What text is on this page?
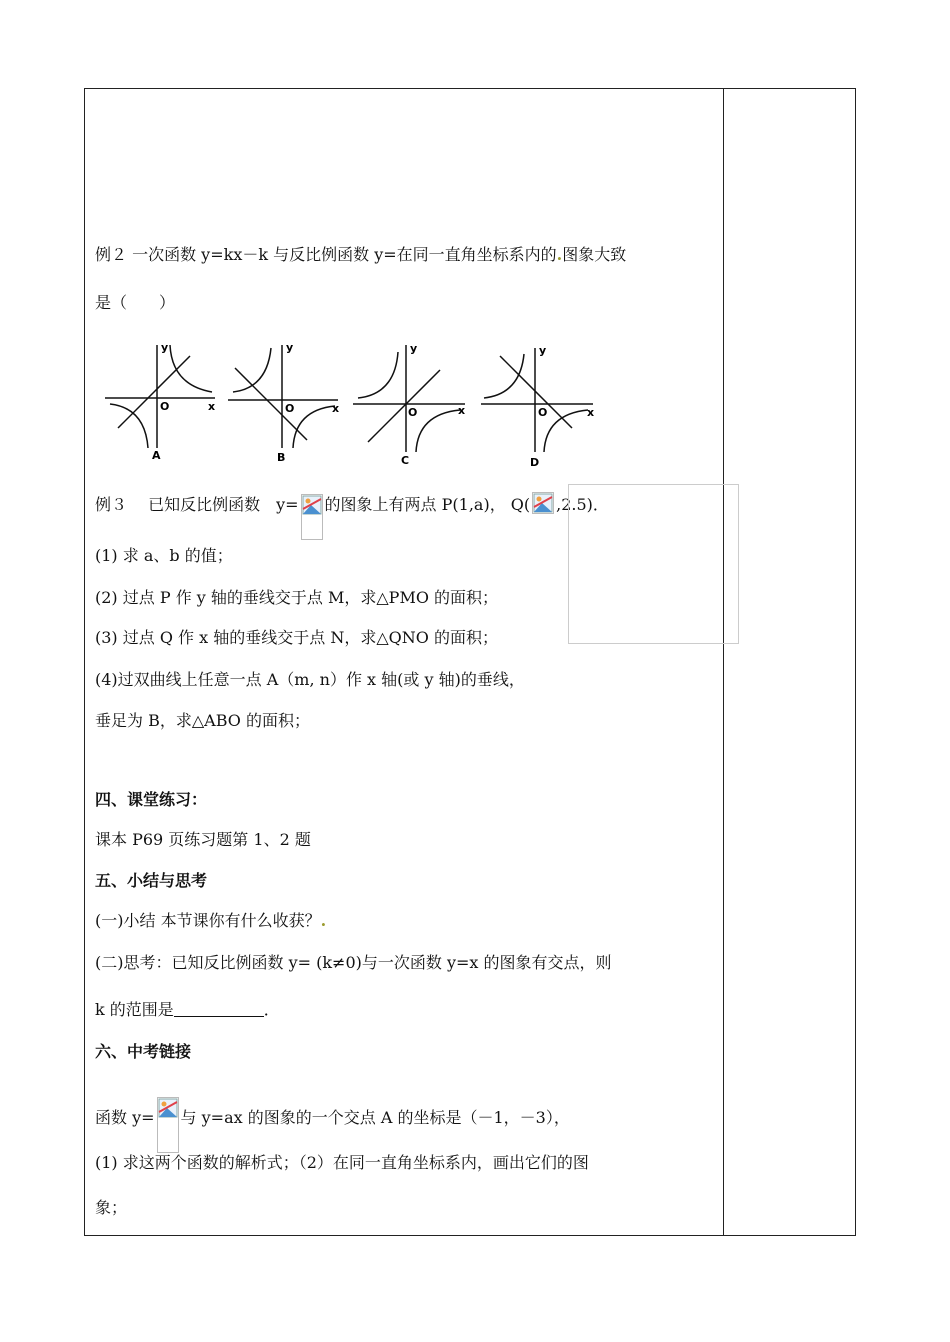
例２ 一次函数 y=kx－k 与反比例函数 y=在同一直角坐标系内的.图象大致
是（　　）
O	x
y
A
O	x
y
B
O	x
y
C
O	x
y
D
例３　 已知反比例函数　y= 的图象上有两点 P(1,a)， Q( ,2.5)．
(1) 求 a、b 的值；
(2) 过点 P 作 y 轴的垂线交于点 M，求△PMO 的面积；
(3) 过点 Q 作 x 轴的垂线交于点 N，求△QNO 的面积；
(4)过双曲线上任意一点 A（m, n）作 x 轴(或 y 轴)的垂线，
垂足为 B，求△ABO 的面积；
四、课堂练习：
课本 P69 页练习题第 1、2 题
五、小结与思考
(一)小结 本节课你有什么收获？.
(二)思考：已知反比例函数 y= (k≠0)与一次函数 y=x 的图象有交点，则
k 的范围是	．
六、中考链接
函数 y= 与 y=ax 的图象的一个交点 A 的坐标是（－1，－3），
(1) 求这两个函数的解析式；（2）在同一直角坐标系内，画出它们的图
象；
